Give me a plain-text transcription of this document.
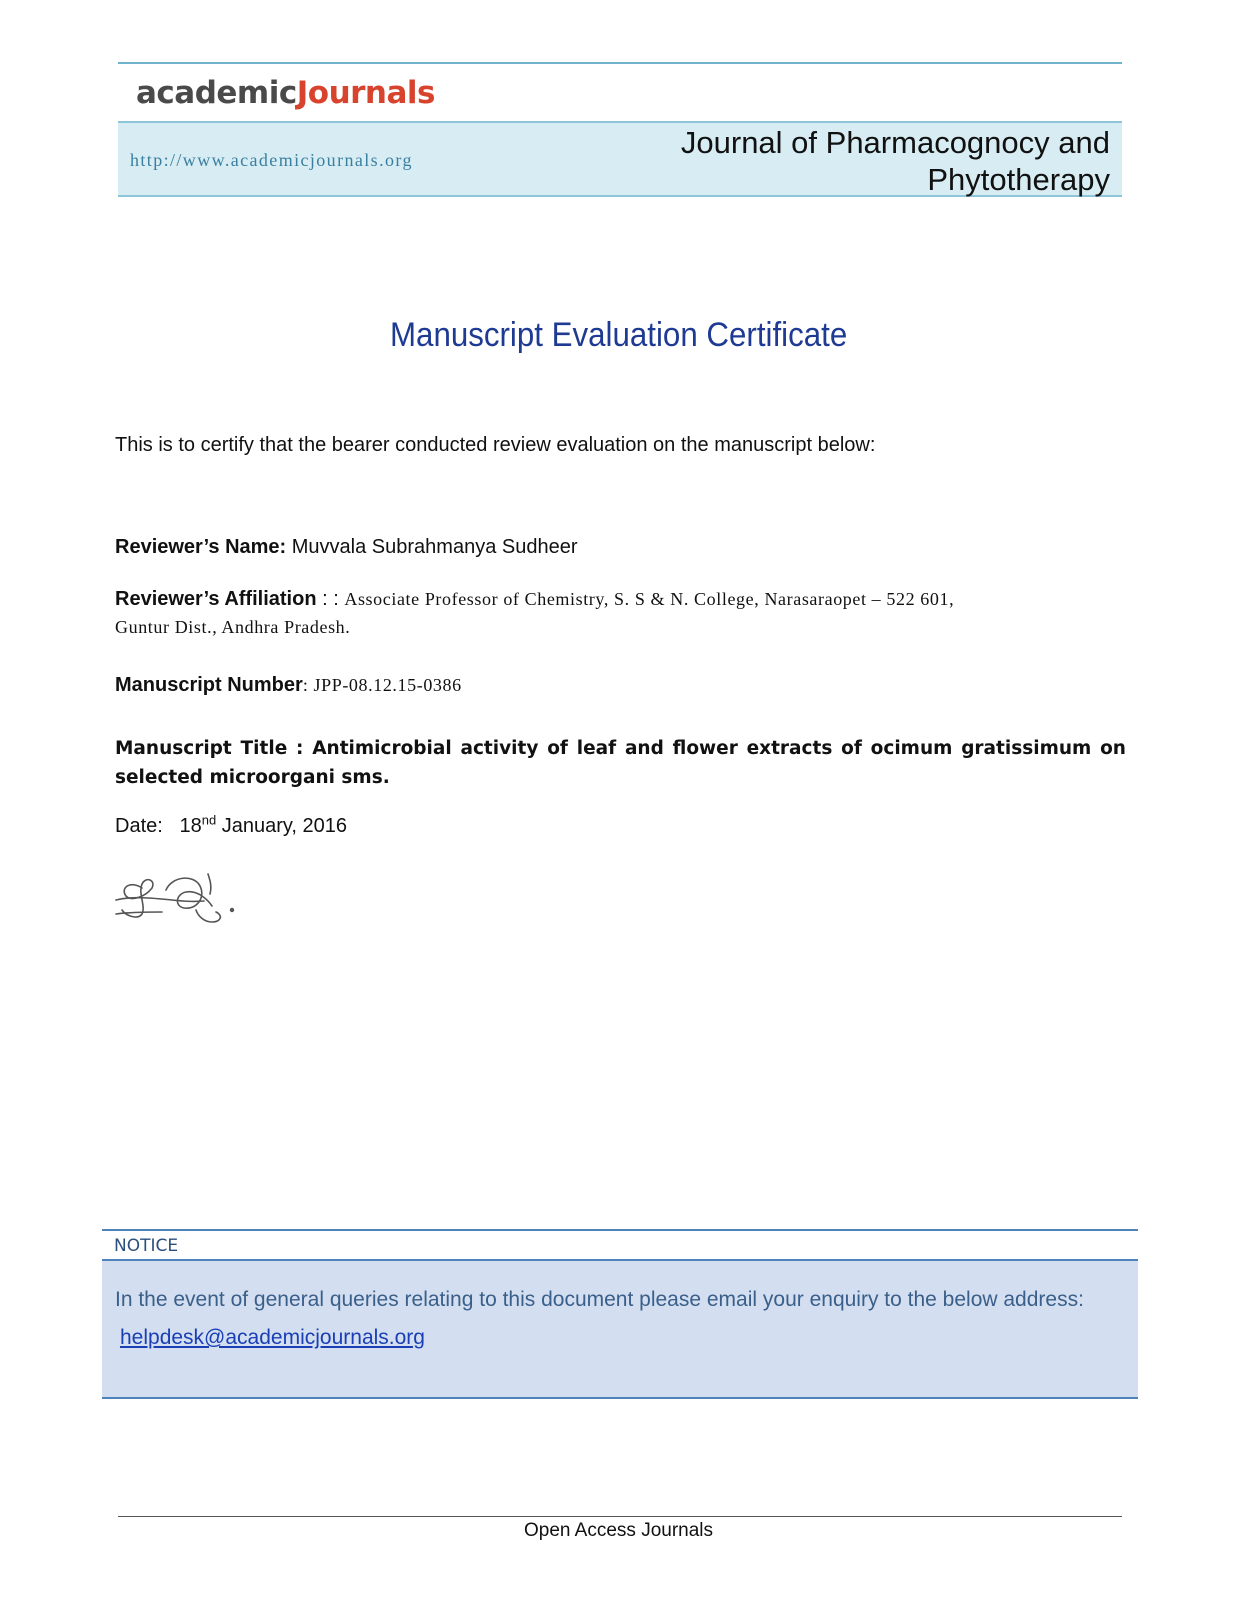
academicJournals
http://www.academicjournals.org	Journal of Pharmacognocy and
Phytotherapy
Manuscript Evaluation Certificate
This is to certify that the bearer conducted review evaluation on the manuscript below:
Reviewer’s Name: Muvvala Subrahmanya Sudheer
Reviewer’s Affiliation : : Associate Professor of Chemistry, S. S & N. College, Narasaraopet – 522 601,
Guntur Dist., Andhra Pradesh.
Manuscript Number: JPP-08.12.15-0386
Manuscript Title : Antimicrobial activity of leaf and flower extracts of ocimum gratissimum on selected microorgani sms.
Date: 18nd January, 2016
NOTICE
In the event of general queries relating to this document please email your enquiry to the below address:
helpdesk@academicjournals.org
Open Access Journals
